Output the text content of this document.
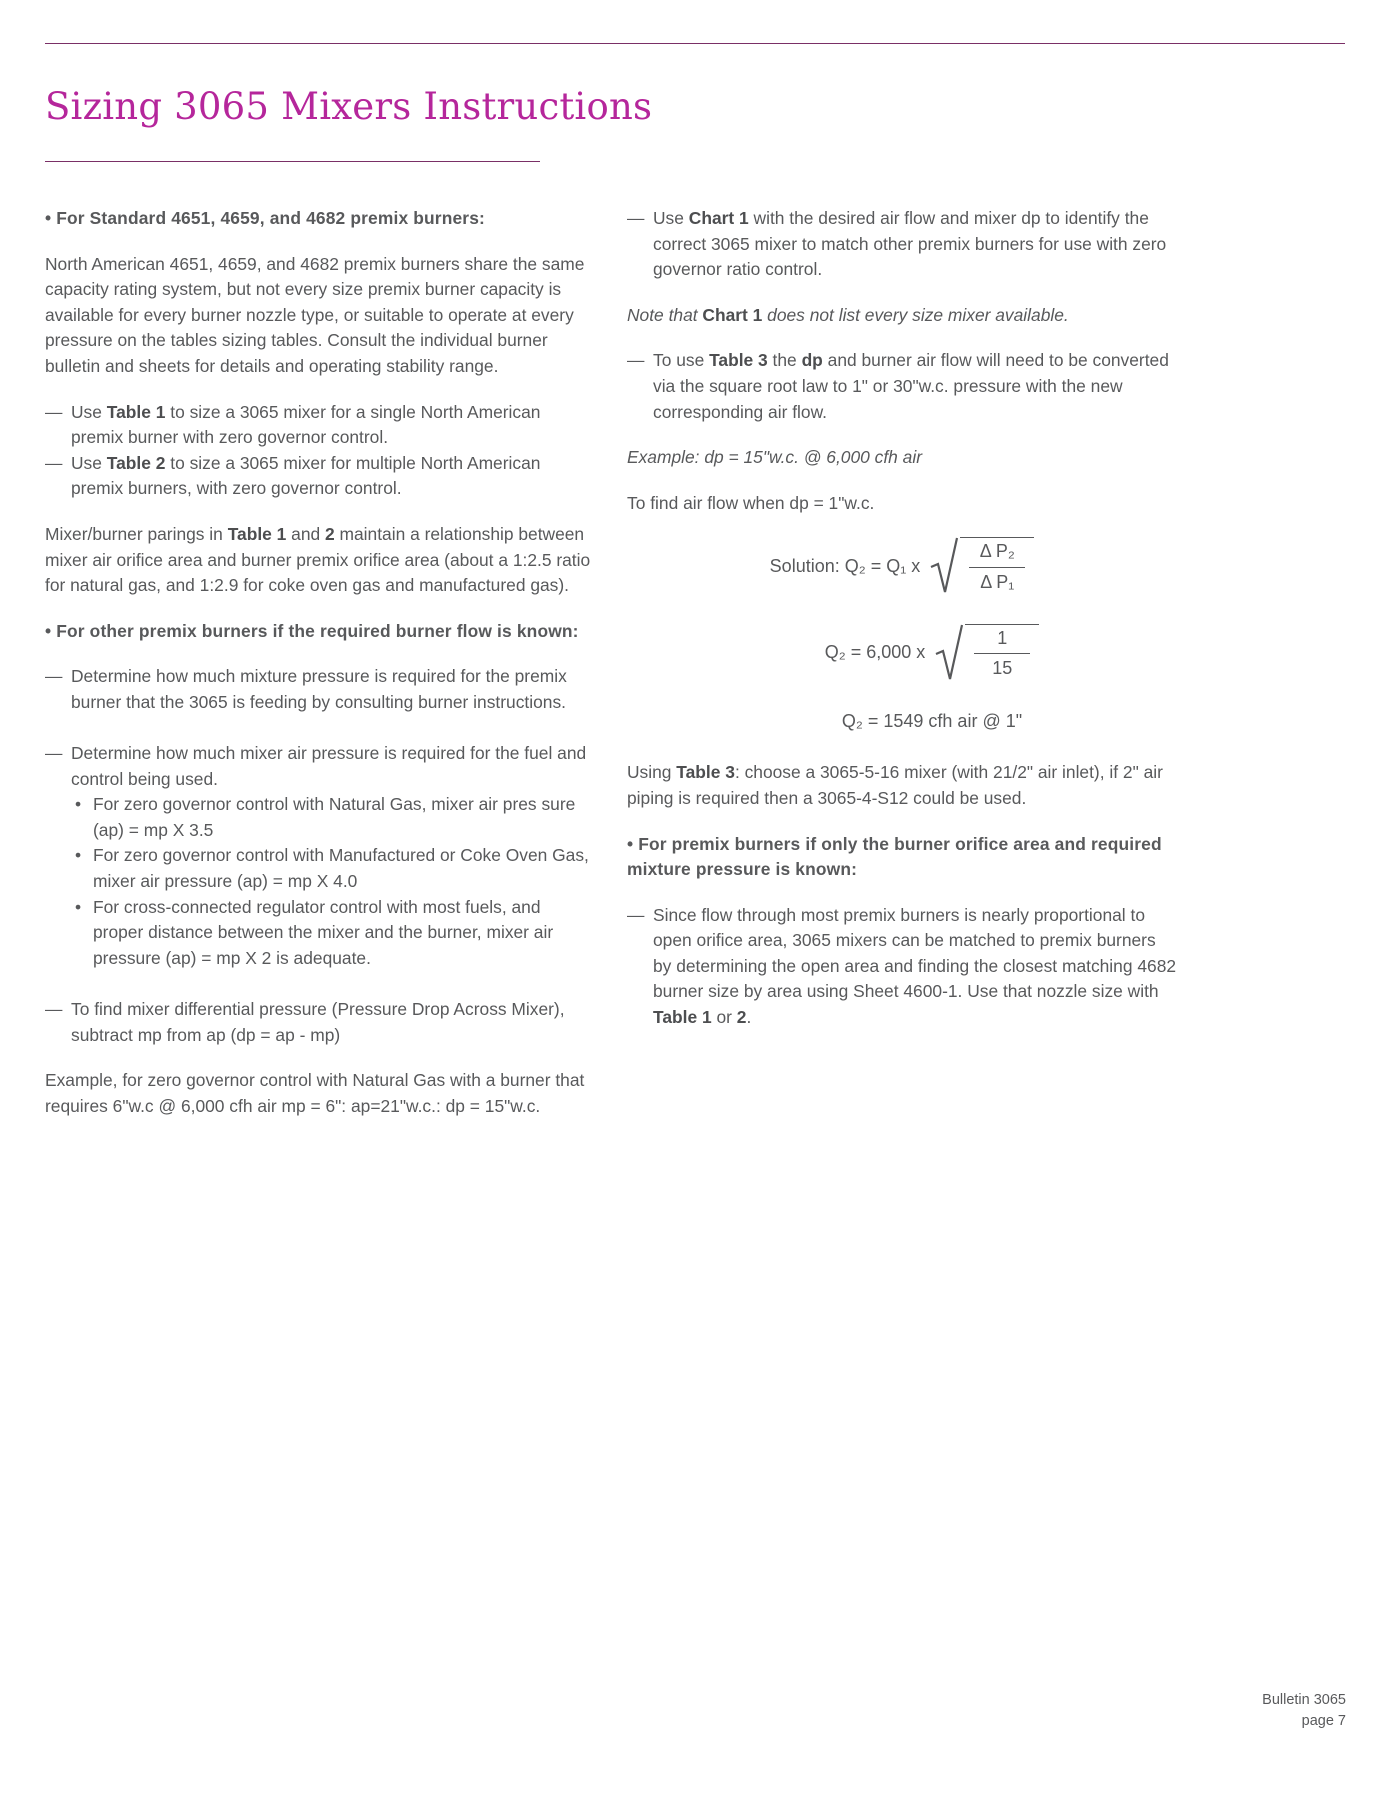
Sizing 3065 Mixers Instructions

• For Standard 4651, 4659, and 4682 premix burners:

North American 4651, 4659, and 4682 premix burners share the same capacity rating system, but not every size premix burner capacity is available for every burner nozzle type, or suitable to operate at every pressure on the tables sizing tables. Consult the individual burner bulletin and sheets for details and operating stability range.

— Use Table 1 to size a 3065 mixer for a single North American premix burner with zero governor control.
— Use Table 2 to size a 3065 mixer for multiple North American premix burners, with zero governor control.

Mixer/burner parings in Table 1 and 2 maintain a relationship between mixer air orifice area and burner premix orifice area (about a 1:2.5 ratio for natural gas, and 1:2.9 for coke oven gas and manufactured gas).

• For other premix burners if the required burner flow is known:

— Determine how much mixture pressure is required for the premix burner that the 3065 is feeding by consulting burner instructions.
— Determine how much mixer air pressure is required for the fuel and control being used.
• For zero governor control with Natural Gas, mixer air pres sure (ap) = mp X 3.5
• For zero governor control with Manufactured or Coke Oven Gas, mixer air pressure (ap) = mp X 4.0
• For cross-connected regulator control with most fuels, and proper distance between the mixer and the burner, mixer air pressure (ap) = mp X 2 is adequate.
— To find mixer differential pressure (Pressure Drop Across Mixer), subtract mp from ap (dp = ap - mp)

Example, for zero governor control with Natural Gas with a burner that requires 6"w.c @ 6,000 cfh air mp = 6": ap=21"w.c.: dp = 15"w.c.

— Use Chart 1 with the desired air flow and mixer dp to identify the correct 3065 mixer to match other premix burners for use with zero governor ratio control.

Note that Chart 1 does not list every size mixer available.

— To use Table 3 the dp and burner air flow will need to be converted via the square root law to 1" or 30"w.c. pressure with the new corresponding air flow.

Example: dp = 15"w.c. @ 6,000 cfh air

To find air flow when dp = 1"w.c.

Solution: Q₂ = Q₁ x	$\frac{\text{Δ P₂}}{\text{Δ P₁}}$
Q₂ = 6,000 x	$\frac{1}{15}$
Q₂ = 1549 cfh air @ 1"

Using Table 3: choose a 3065-5-16 mixer (with 21/2" air inlet), if 2" air piping is required then a 3065-4-S12 could be used.

• For premix burners if only the burner orifice area and required mixture pressure is known:

— Since flow through most premix burners is nearly proportional to open orifice area, 3065 mixers can be matched to premix burners by determining the open area and finding the closest matching 4682 burner size by area using Sheet 4600-1. Use that nozzle size with Table 1 or 2.
Bulletin 3065
page 7
